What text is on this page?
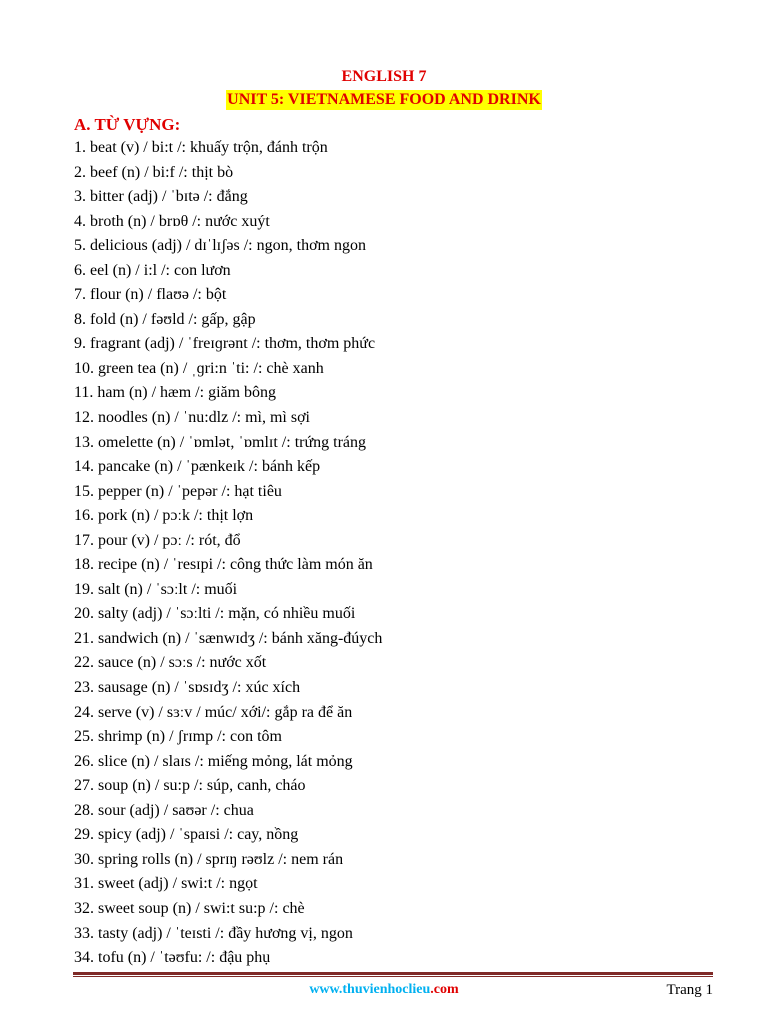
ENGLISH 7
UNIT 5: VIETNAMESE FOOD AND DRINK
A. TỪ VỰNG:
1. beat (v) / bi:t /: khuấy trộn, đánh trộn
2. beef (n) / bi:f /: thịt bò
3. bitter (adj) / ˈbɪtə /: đắng
4. broth (n) / brɒθ /: nước xuýt
5. delicious (adj) / dɪˈlɪʃəs /: ngon, thơm ngon
6. eel (n) / i:l /: con lươn
7. flour (n) / flaʊə /: bột
8. fold (n) / fəʊld /: gấp, gập
9. fragrant (adj) / ˈfreɪɡrənt /: thơm, thơm phức
10. green tea (n) / ˌɡri:n ˈti: /: chè xanh
11. ham (n) / hæm /: giăm bông
12. noodles (n) / ˈnu:dlz /: mì, mì sợi
13. omelette (n) / ˈɒmlət, ˈɒmlɪt /: trứng tráng
14. pancake (n) / ˈpænkeɪk /: bánh kếp
15. pepper (n) / ˈpepər /: hạt tiêu
16. pork (n) / pɔːk /: thịt lợn
17. pour (v) / pɔː /: rót, đổ
18. recipe (n) / ˈresɪpi /: công thức làm món ăn
19. salt (n) / ˈsɔːlt /: muối
20. salty (adj) / ˈsɔːlti /: mặn, có nhiều muối
21. sandwich (n) / ˈsænwɪdʒ /: bánh xăng-đúych
22. sauce (n) / sɔːs /: nước xốt
23. sausage (n) / ˈsɒsɪdʒ /: xúc xích
24. serve (v) / sɜːv / múc/ xới/: gắp ra để ăn
25. shrimp (n) / ʃrɪmp /: con tôm
26. slice (n) / slaɪs /: miếng mỏng, lát mỏng
27. soup (n) / su:p /: súp, canh, cháo
28. sour (adj) / saʊər /: chua
29. spicy (adj) / ˈspaɪsi /: cay, nồng
30. spring rolls (n) / sprɪŋ rəʊlz /: nem rán
31. sweet (adj) / swi:t /: ngọt
32. sweet soup (n) / swi:t su:p /: chè
33. tasty (adj) / ˈteɪsti /: đầy hương vị, ngon
34. tofu (n) / ˈtəʊfu: /: đậu phụ
www.thuvienhoclieu.com	Trang 1
